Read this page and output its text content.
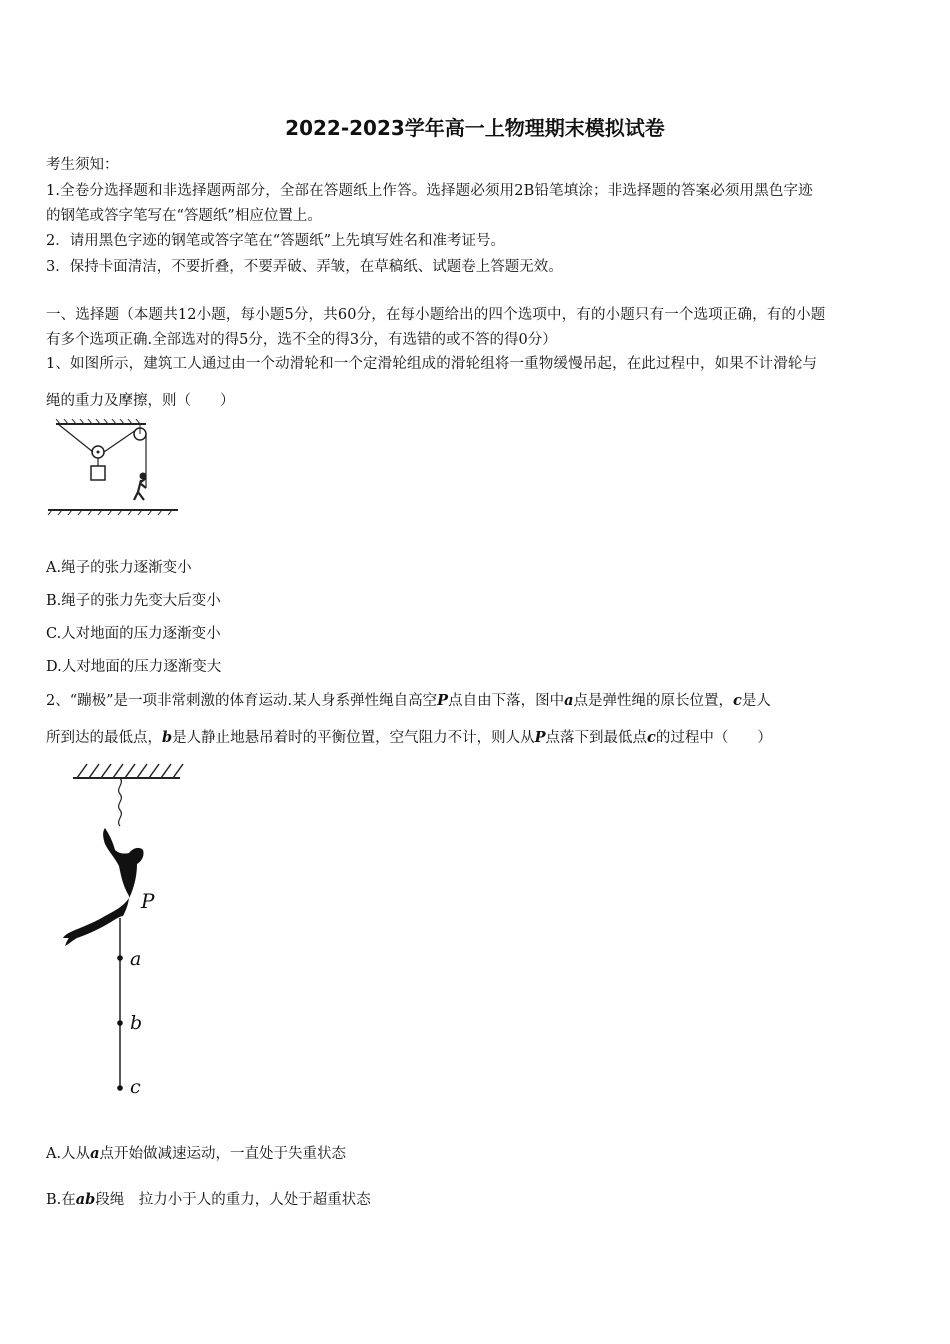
2022-2023学年高一上物理期末模拟试卷
考生须知：
1.全卷分选择题和非选择题两部分，全部在答题纸上作答。选择题必须用2B铅笔填涂；非选择题的答案必须用黑色字迹
的钢笔或答字笔写在“答题纸”相应位置上。
2．请用黑色字迹的钢笔或答字笔在“答题纸”上先填写姓名和准考证号。
3．保持卡面清洁，不要折叠，不要弄破、弄皱，在草稿纸、试题卷上答题无效。
一、选择题（本题共12小题，每小题5分，共60分，在每小题给出的四个选项中，有的小题只有一个选项正确，有的小题
有多个选项正确.全部选对的得5分，选不全的得3分，有选错的或不答的得0分）
1、如图所示，建筑工人通过由一个动滑轮和一个定滑轮组成的滑轮组将一重物缓慢吊起，在此过程中，如果不计滑轮与
绳的重力及摩擦，则（　　）
A.绳子的张力逐渐变小
B.绳子的张力先变大后变小
C.人对地面的压力逐渐变小
D.人对地面的压力逐渐变大
2、“蹦极”是一项非常刺激的体育运动.某人身系弹性绳自高空P点自由下落，图中a点是弹性绳的原长位置，c是人
所到达的最低点，b是人静止地悬吊着时的平衡位置，空气阻力不计，则人从P点落下到最低点c的过程中（　　）
P
a
b
c
A.人从a点开始做减速运动，一直处于失重状态
B.在ab段绳　拉力小于人的重力，人处于超重状态
